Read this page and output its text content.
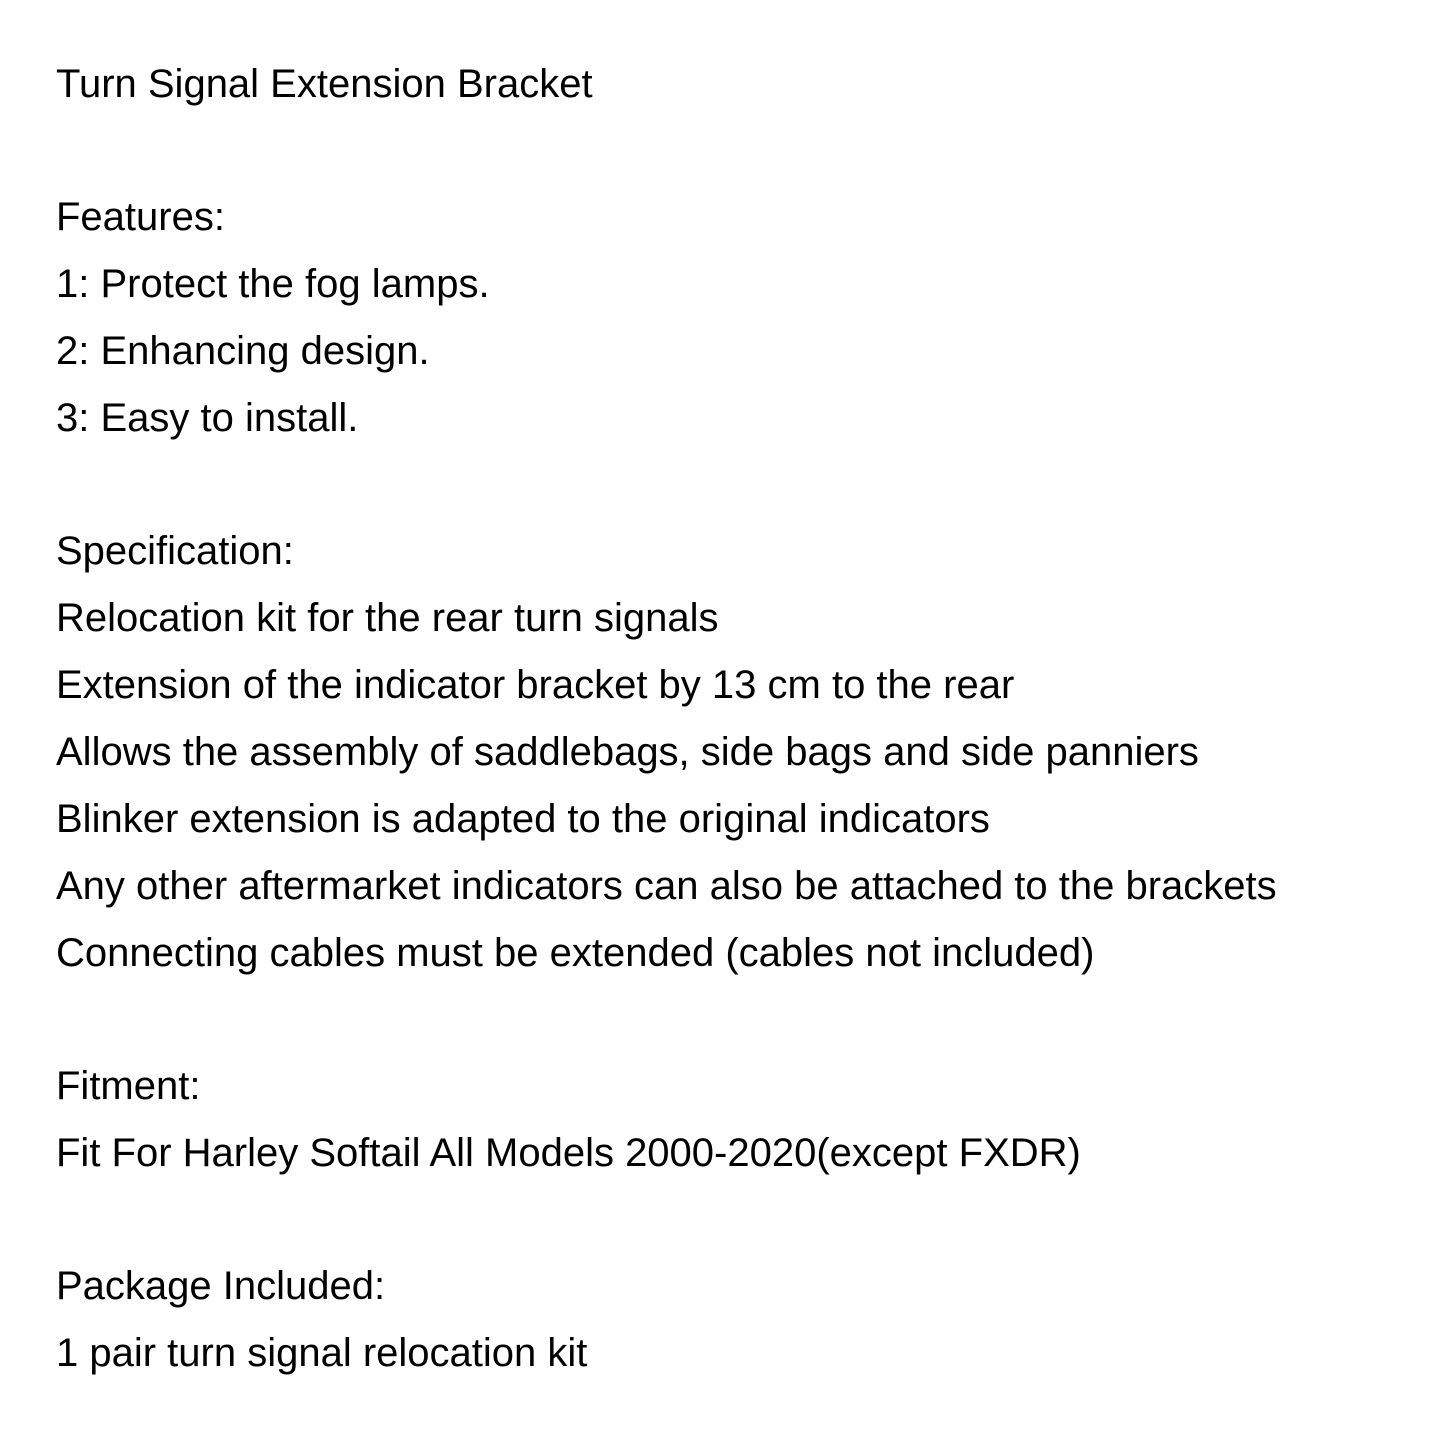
Turn Signal Extension Bracket
Features:
1: Protect the fog lamps.
2: Enhancing design.
3: Easy to install.
Specification:
Relocation kit for the rear turn signals
Extension of the indicator bracket by 13 cm to the rear
Allows the assembly of saddlebags, side bags and side panniers
Blinker extension is adapted to the original indicators
Any other aftermarket indicators can also be attached to the brackets
Connecting cables must be extended (cables not included)
Fitment:
Fit For Harley Softail All Models 2000-2020(except FXDR)
Package Included:
1 pair turn signal relocation kit
